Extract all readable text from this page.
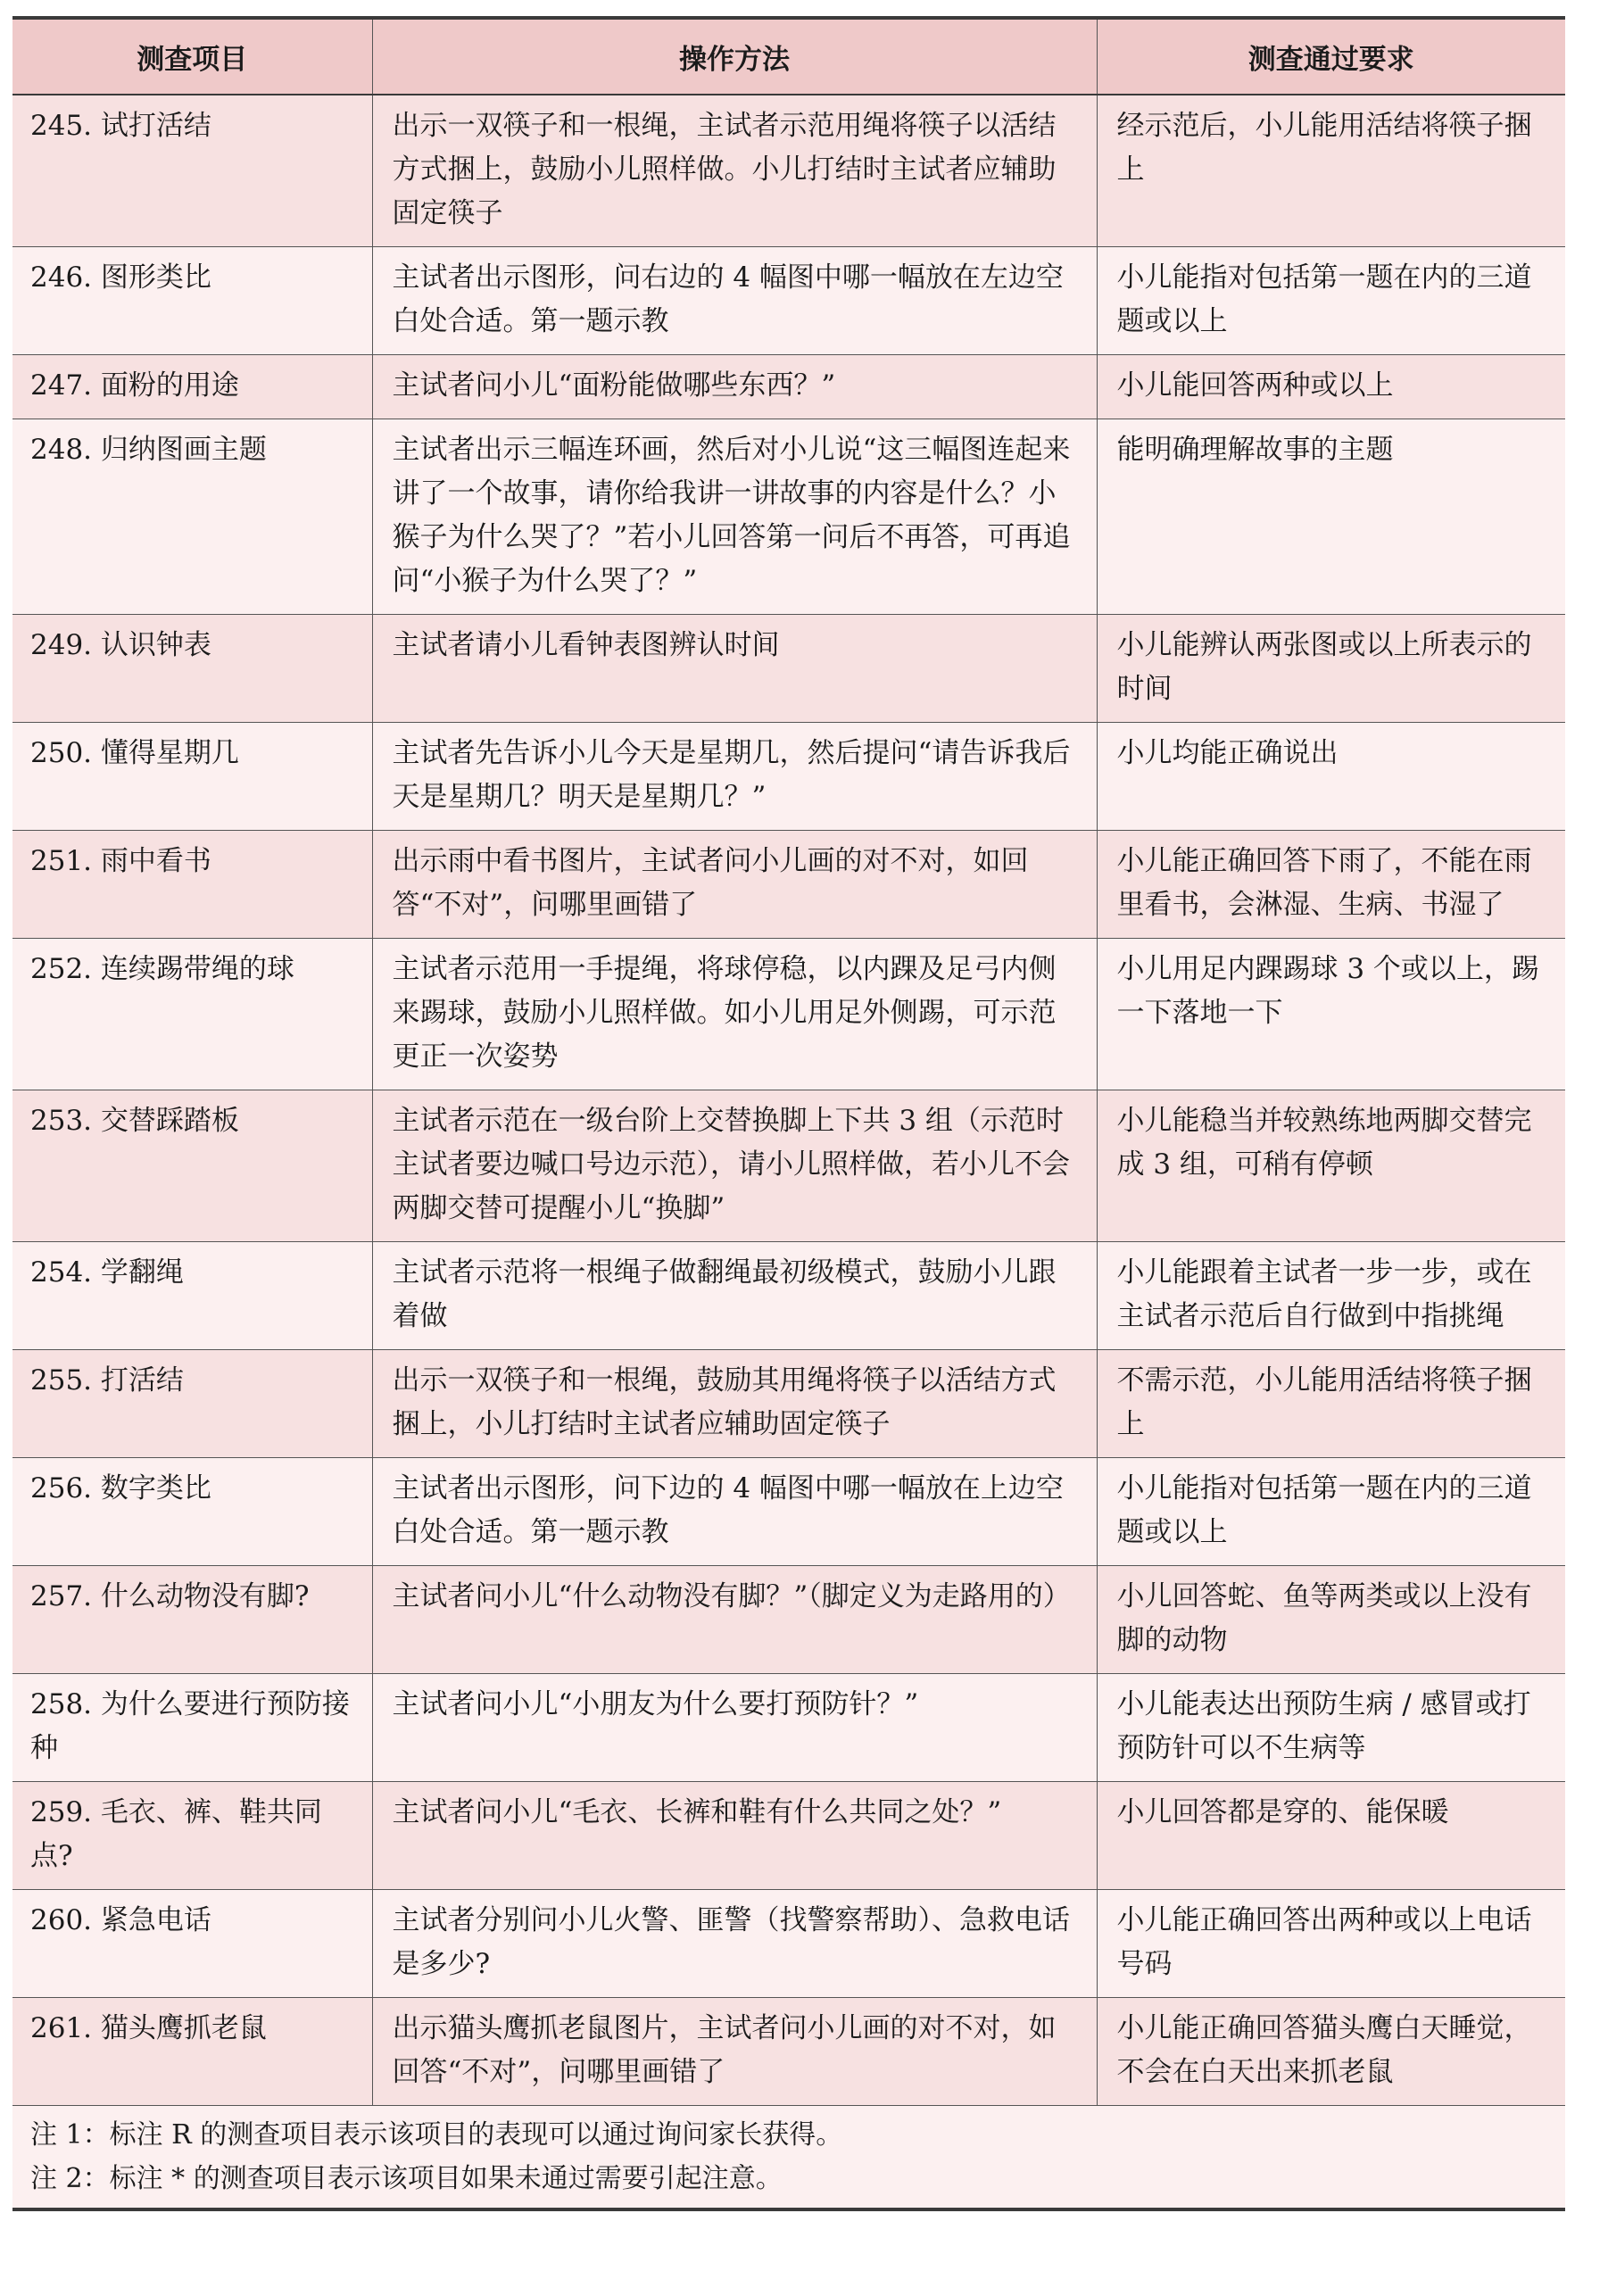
测查项目	操作方法	测查通过要求
245. 试打活结	出示一双筷子和一根绳，主试者示范用绳将筷子以活结方式捆上，鼓励小儿照样做。小儿打结时主试者应辅助固定筷子	经示范后，小儿能用活结将筷子捆上
246. 图形类比	主试者出示图形，问右边的 4 幅图中哪一幅放在左边空白处合适。第一题示教	小儿能指对包括第一题在内的三道题或以上
247. 面粉的用途	主试者问小儿“面粉能做哪些东西？”	小儿能回答两种或以上
248. 归纳图画主题	主试者出示三幅连环画，然后对小儿说“这三幅图连起来讲了一个故事，请你给我讲一讲故事的内容是什么？小猴子为什么哭了？”若小儿回答第一问后不再答，可再追问“小猴子为什么哭了？”	能明确理解故事的主题
249. 认识钟表	主试者请小儿看钟表图辨认时间	小儿能辨认两张图或以上所表示的时间
250. 懂得星期几	主试者先告诉小儿今天是星期几，然后提问“请告诉我后天是星期几？明天是星期几？”	小儿均能正确说出
251. 雨中看书	出示雨中看书图片，主试者问小儿画的对不对，如回答“不对”，问哪里画错了	小儿能正确回答下雨了，不能在雨里看书，会淋湿、生病、书湿了
252. 连续踢带绳的球	主试者示范用一手提绳，将球停稳，以内踝及足弓内侧来踢球，鼓励小儿照样做。如小儿用足外侧踢，可示范更正一次姿势	小儿用足内踝踢球 3 个或以上，踢一下落地一下
253. 交替踩踏板	主试者示范在一级台阶上交替换脚上下共 3 组（示范时主试者要边喊口号边示范），请小儿照样做，若小儿不会两脚交替可提醒小儿“换脚”	小儿能稳当并较熟练地两脚交替完成 3 组，可稍有停顿
254. 学翻绳	主试者示范将一根绳子做翻绳最初级模式，鼓励小儿跟着做	小儿能跟着主试者一步一步，或在主试者示范后自行做到中指挑绳
255. 打活结	出示一双筷子和一根绳，鼓励其用绳将筷子以活结方式捆上，小儿打结时主试者应辅助固定筷子	不需示范，小儿能用活结将筷子捆上
256. 数字类比	主试者出示图形，问下边的 4 幅图中哪一幅放在上边空白处合适。第一题示教	小儿能指对包括第一题在内的三道题或以上
257. 什么动物没有脚?	主试者问小儿“什么动物没有脚？”（脚定义为走路用的）	小儿回答蛇、鱼等两类或以上没有脚的动物
258. 为什么要进行预防接种	主试者问小儿“小朋友为什么要打预防针？”	小儿能表达出预防生病 / 感冒或打预防针可以不生病等
259. 毛衣、裤、鞋共同点?	主试者问小儿“毛衣、长裤和鞋有什么共同之处？”	小儿回答都是穿的、能保暖
260. 紧急电话	主试者分别问小儿火警、匪警（找警察帮助）、急救电话是多少?	小儿能正确回答出两种或以上电话号码
261. 猫头鹰抓老鼠	出示猫头鹰抓老鼠图片，主试者问小儿画的对不对，如回答“不对”，问哪里画错了	小儿能正确回答猫头鹰白天睡觉，不会在白天出来抓老鼠

注 1：标注 R 的测查项目表示该项目的表现可以通过询问家长获得。
注 2：标注 * 的测查项目表示该项目如果未通过需要引起注意。		
